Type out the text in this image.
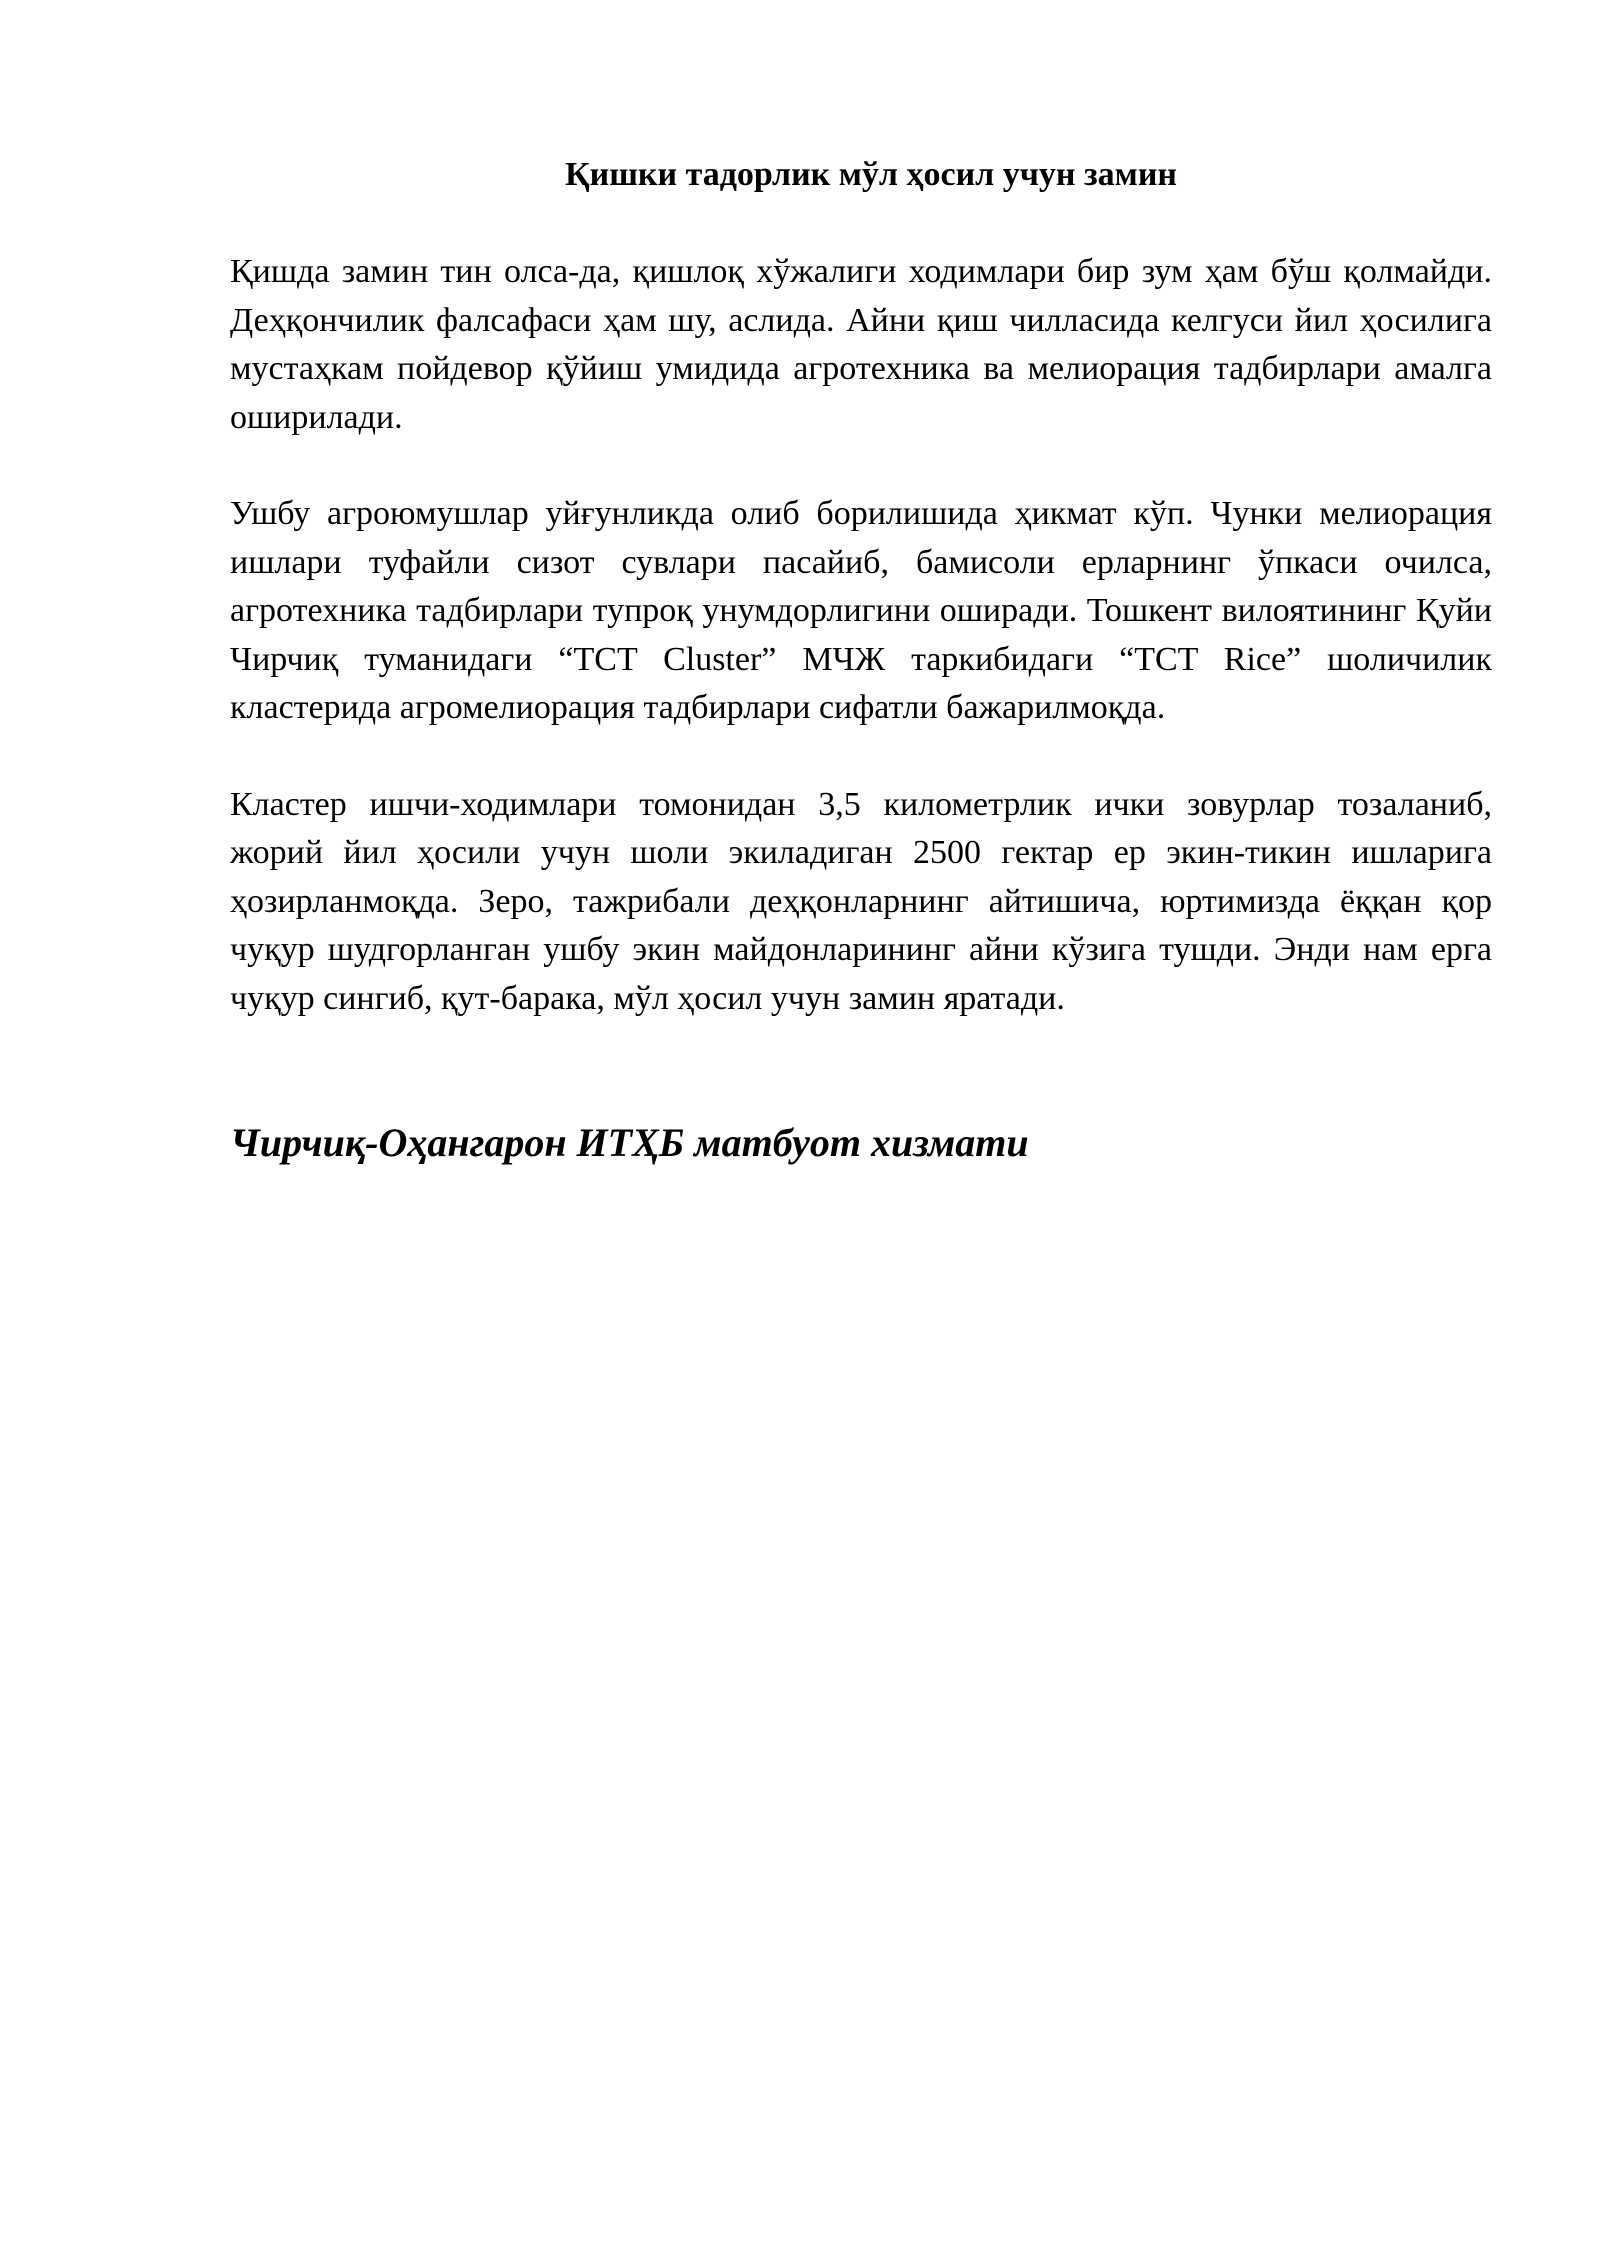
Қишки тадорлик мўл ҳосил учун замин

Қишда замин тин олса-да, қишлоқ хўжалиги ходимлари бир зум ҳам бўш қолмайди. Деҳқончилик фалсафаси ҳам шу, аслида. Айни қиш чилласида келгуси йил ҳосилига мустаҳкам пойдевор қўйиш умидида агротехника ва мелиорация тадбирлари амалга оширилади.

Ушбу агроюмушлар уйғунликда олиб борилишида ҳикмат кўп. Чунки мелиорация ишлари туфайли сизот сувлари пасайиб, бамисоли ерларнинг ўпкаси очилса, агротехника тадбирлари тупроқ унумдорлигини оширади. Тошкент вилоятининг Қуйи Чирчиқ туманидаги “TCT Cluster” МЧЖ таркибидаги “TCT Rice” шоличилик кластерида агромелиорация тадбирлари сифатли бажарилмоқда.

Кластер ишчи-ходимлари томонидан 3,5 километрлик ички зовурлар тозаланиб, жорий йил ҳосили учун шоли экиладиган 2500 гектар ер экин-тикин ишларига ҳозирланмоқда. Зеро, тажрибали деҳқонларнинг айтишича, юртимизда ёққан қор чуқур шудгорланган ушбу экин майдонларининг айни кўзига тушди. Энди нам ерга чуқур сингиб, қут-барака, мўл ҳосил учун замин яратади.

Чирчиқ-Оҳангарон ИТҲБ матбуот хизмати
